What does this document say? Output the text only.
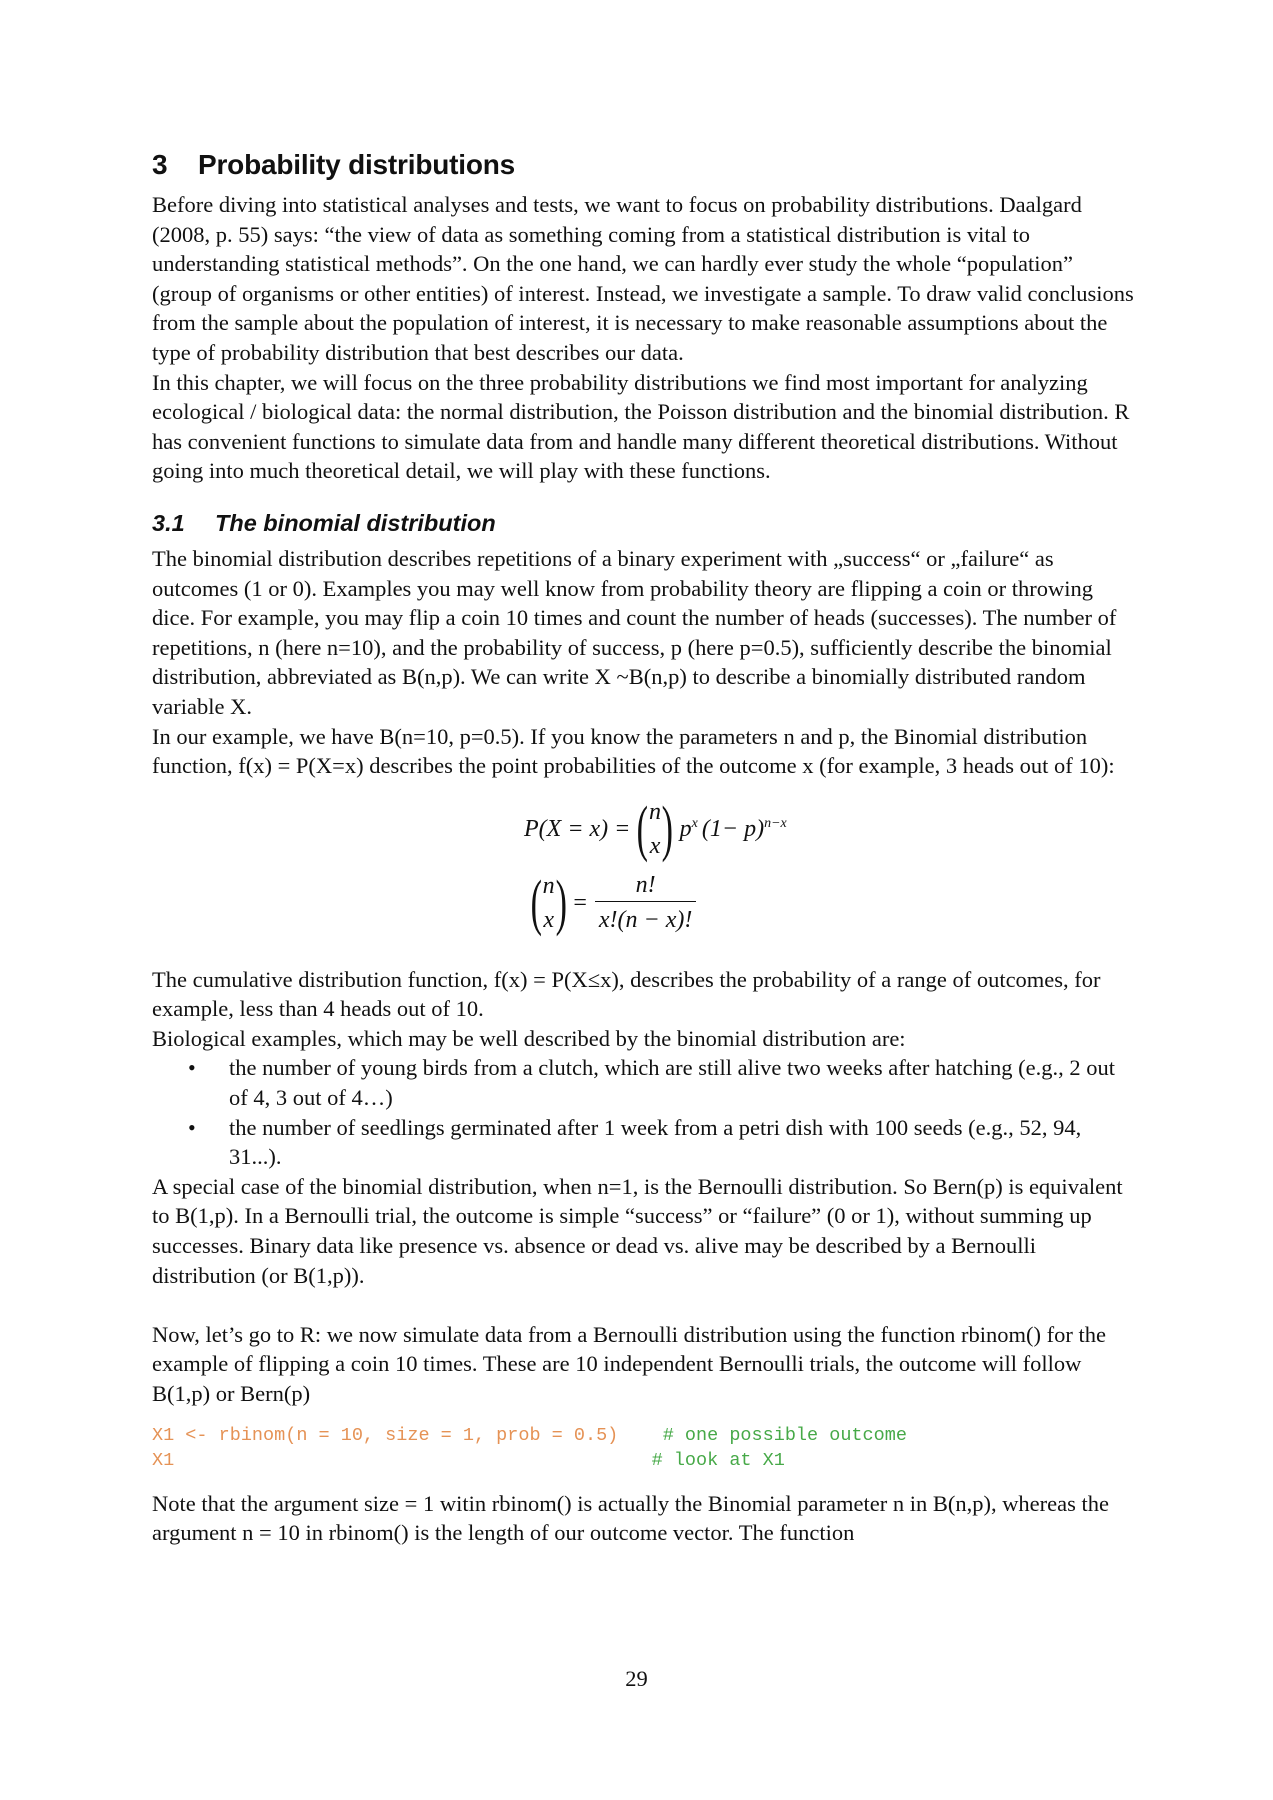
3 Probability distributions

Before diving into statistical analyses and tests, we want to focus on probability distributions. Daalgard (2008, p. 55) says: “the view of data as something coming from a statistical distribution is vital to understanding statistical methods”. On the one hand, we can hardly ever study the whole “population” (group of organisms or other entities) of interest. Instead, we investigate a sample. To draw valid conclusions from the sample about the population of interest, it is necessary to make reasonable assumptions about the type of probability distribution that best describes our data.

In this chapter, we will focus on the three probability distributions we find most important for analyzing ecological / biological data: the normal distribution, the Poisson distribution and the binomial distribution. R has convenient functions to simulate data from and handle many different theoretical distributions. Without going into much theoretical detail, we will play with these functions.

3.1 The binomial distribution

The binomial distribution describes repetitions of a binary experiment with „success“ or „failure“ as outcomes (1 or 0). Examples you may well know from probability theory are flipping a coin or throwing dice. For example, you may flip a coin 10 times and count the number of heads (successes). The number of repetitions, n (here n=10), and the probability of success, p (here p=0.5), sufficiently describe the binomial distribution, abbreviated as B(n,p). We can write X ~B(n,p) to describe a binomially distributed random variable X.

In our example, we have B(n=10, p=0.5). If you know the parameters n and p, the Binomial distribution function, f(x) = P(X=x) describes the point probabilities of the outcome x (for example, 3 heads out of 10):

P(X = x) = ( n
x ) $p^x$ $(1- p)^{n-x}$
( n
x ) = $\frac{n!}{x!(n - x)!}$

The cumulative distribution function, f(x) = P(X≤x), describes the probability of a range of outcomes, for example, less than 4 heads out of 10.

Biological examples, which may be well described by the binomial distribution are:

• the number of young birds from a clutch, which are still alive two weeks after hatching (e.g., 2 out of 4, 3 out of 4…)
• the number of seedlings germinated after 1 week from a petri dish with 100 seeds (e.g., 52, 94, 31...).

A special case of the binomial distribution, when n=1, is the Bernoulli distribution. So Bern(p) is equivalent to B(1,p). In a Bernoulli trial, the outcome is simple “success” or “failure” (0 or 1), without summing up successes. Binary data like presence vs. absence or dead vs. alive may be described by a Bernoulli distribution (or B(1,p)).

Now, let’s go to R: we now simulate data from a Bernoulli distribution using the function rbinom() for the example of flipping a coin 10 times. These are 10 independent Bernoulli trials, the outcome will follow B(1,p) or Bern(p)

X1 <- rbinom(n = 10, size = 1, prob = 0.5) # one possible outcome
X1	# look at X1

Note that the argument size = 1 witin rbinom() is actually the Binomial parameter n in B(n,p), whereas the argument n = 10 in rbinom() is the length of our outcome vector. The function

29
